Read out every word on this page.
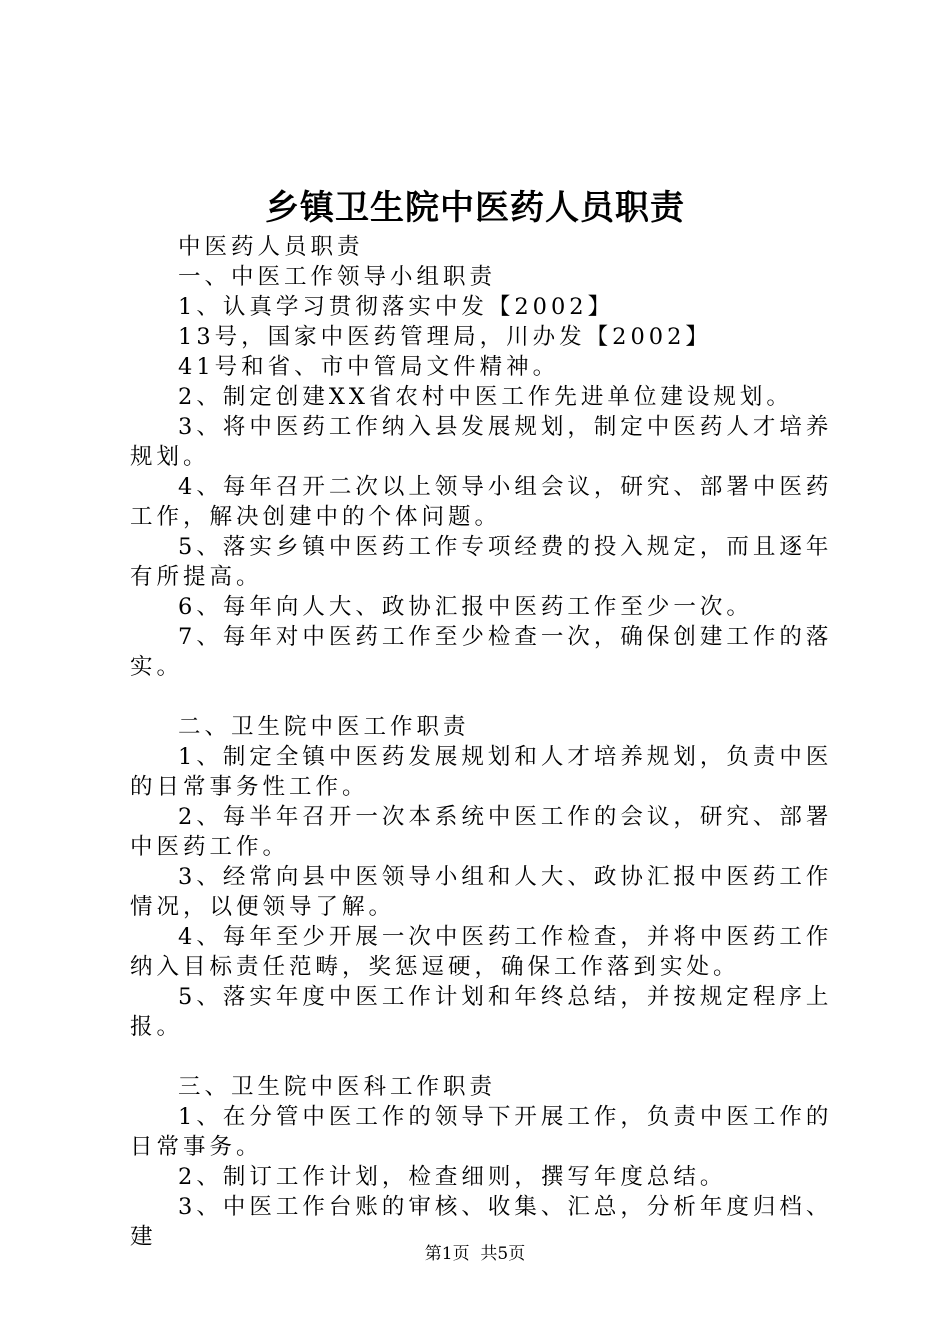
乡镇卫生院中医药人员职责

中医药人员职责

一、中医工作领导小组职责

1、认真学习贯彻落实中发【2002】

13号，国家中医药管理局，川办发【2002】

41号和省、市中管局文件精神。

2、制定创建XX省农村中医工作先进单位建设规划。

3、将中医药工作纳入县发展规划，制定中医药人才培养规划。

4、每年召开二次以上领导小组会议，研究、部署中医药工作，解决创建中的个体问题。

5、落实乡镇中医药工作专项经费的投入规定，而且逐年有所提高。

6、每年向人大、政协汇报中医药工作至少一次。

7、每年对中医药工作至少检查一次，确保创建工作的落实。

二、卫生院中医工作职责

1、制定全镇中医药发展规划和人才培养规划，负责中医的日常事务性工作。

2、每半年召开一次本系统中医工作的会议，研究、部署中医药工作。

3、经常向县中医领导小组和人大、政协汇报中医药工作情况，以便领导了解。

4、每年至少开展一次中医药工作检查，并将中医药工作纳入目标责任范畴，奖惩逗硬，确保工作落到实处。

5、落实年度中医工作计划和年终总结，并按规定程序上报。

三、卫生院中医科工作职责

1、在分管中医工作的领导下开展工作，负责中医工作的日常事务。

2、制订工作计划，检查细则，撰写年度总结。

3、中医工作台账的审核、收集、汇总，分析年度归档、建

第1页  共5页
